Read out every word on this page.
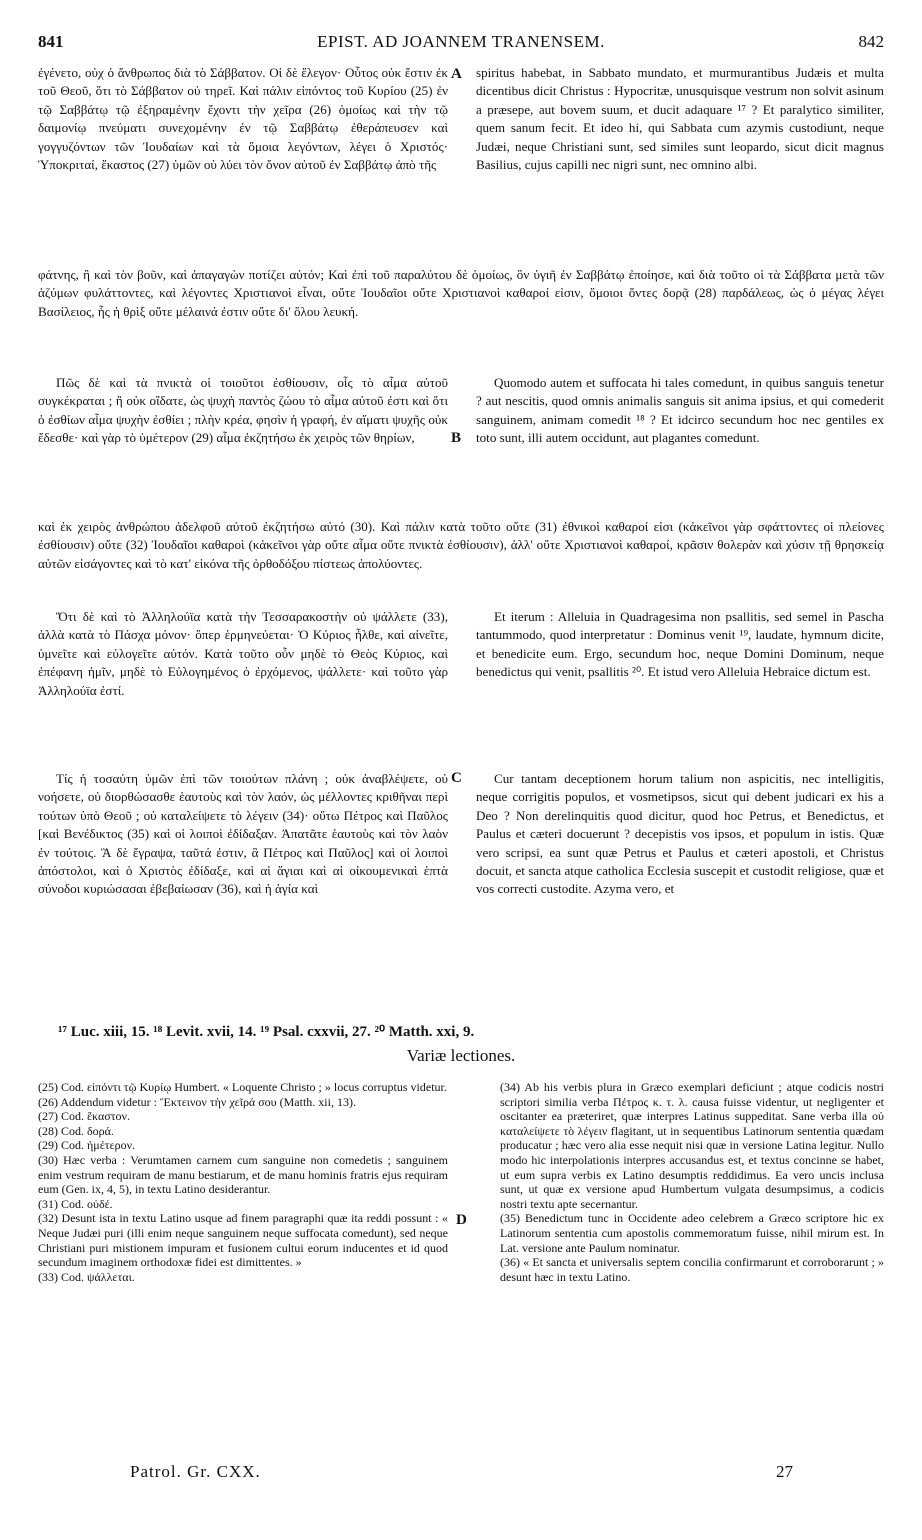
841	EPIST. AD JOANNEM TRANENSEM.	842

ἐγένετο, οὐχ ὁ ἄνθρωπος διὰ τὸ Σάββατον. Οἱ δὲ ἔλεγον· Οὗτος οὐκ ἔστιν ἐκ τοῦ Θεοῦ, ὅτι τὸ Σάββατον οὐ τηρεῖ. Καὶ πάλιν εἰπόντος τοῦ Κυρίου (25) ἐν τῷ Σαββάτῳ τῷ ἐξηραμένην ἔχοντι τὴν χεῖρα (26) ὁμοίως καὶ τὴν τῷ δαιμονίῳ πνεύματι συνεχομένην ἐν τῷ Σαββάτῳ ἐθεράπευσεν καὶ γογγυζόντων τῶν Ἰουδαίων καὶ τὰ ὅμοια λεγόντων, λέγει ὁ Χριστός· Ὑποκριταί, ἕκαστος (27) ὑμῶν οὐ λύει τὸν ὄνον αὐτοῦ ἐν Σαββάτῳ ἀπὸ τῆς

A spiritus habebat, in Sabbato mundato, et murmurantibus Judæis et multa dicentibus dicit Christus : Hypocritæ, unusquisque vestrum non solvit asinum a præsepe, aut bovem suum, et ducit adaquare ¹⁷ ? Et paralytico similiter, quem sanum fecit. Et ideo hi, qui Sabbata cum azymis custodiunt, neque Judæi, neque Christiani sunt, sed similes sunt leopardo, sicut dicit magnus Basilius, cujus capilli nec nigri sunt, nec omnino albi.

φάτνης, ἢ καὶ τὸν βοῦν, καὶ ἀπαγαγὼν ποτίζει αὐτόν; Καὶ ἐπὶ τοῦ παραλύτου δὲ ὁμοίως, ὃν ὑγιῆ ἐν Σαββάτῳ ἐποίησε, καὶ διὰ τοῦτο οἱ τὰ Σάββατα μετὰ τῶν ἀζύμων φυλάττοντες, καὶ λέγοντες Χριστιανοὶ εἶναι, οὔτε Ἰουδαῖοι οὔτε Χριστιανοὶ καθαροί εἰσιν, ὅμοιοι ὄντες δορᾷ (28) παρδάλεως, ὡς ὁ μέγας λέγει Βασίλειος, ἧς ἡ θρὶξ οὔτε μέλαινά ἐστιν οὔτε δι' ὅλου λευκή.

Πῶς δὲ καὶ τὰ πνικτὰ οἱ τοιοῦτοι ἐσθίουσιν, οἷς τὸ αἷμα αὐτοῦ συγκέκραται ; ἢ οὐκ οἴδατε, ὡς ψυχὴ παντὸς ζώου τὸ αἷμα αὐτοῦ ἐστι καὶ ὅτι ὁ ἐσθίων αἷμα ψυχὴν ἐσθίει ; πλὴν κρέα, φησὶν ἡ γραφή, ἐν αἵματι ψυχῆς οὐκ ἔδεσθε· καὶ γὰρ τὸ ὑμέτερον (29) αἷμα ἐκζητήσω ἐκ χειρὸς τῶν θηρίων,	B

Quomodo autem et suffocata hi tales comedunt, in quibus sanguis tenetur ? aut nescitis, quod omnis animalis sanguis sit anima ipsius, et qui comederit sanguinem, animam comedit ¹⁸ ? Et idcirco secundum hoc nec gentiles ex toto sunt, illi autem occidunt, aut plagantes comedunt.

καὶ ἐκ χειρὸς ἀνθρώπου ἀδελφοῦ αὐτοῦ ἐκζητήσω αὐτό (30). Καὶ πάλιν κατὰ τοῦτο οὔτε (31) ἐθνικοὶ καθαροί εἰσι (κἀκεῖνοι γὰρ σφάττοντες οἱ πλείονες ἐσθίουσιν) οὔτε (32) Ἰουδαῖοι καθαροὶ (κἀκεῖνοι γὰρ οὔτε αἷμα οὔτε πνικτὰ ἐσθίουσιν), ἀλλ' οὔτε Χριστιανοὶ καθαροί, κρᾶσιν θολερὰν καὶ χύσιν τῇ θρησκείᾳ αὐτῶν εἰσάγοντες καὶ τὸ κατ' εἰκόνα τῆς ὀρθοδόξου πίστεως ἀπολύοντες.

Ὅτι δὲ καὶ τὸ Ἀλληλούϊα κατὰ τὴν Τεσσαρακοστὴν οὐ ψάλλετε (33), ἀλλὰ κατὰ τὸ Πάσχα μόνον· ὅπερ ἑρμηνεύεται· Ὁ Κύριος ἦλθε, καὶ αἰνεῖτε, ὑμνεῖτε καὶ εὐλογεῖτε αὐτόν. Κατὰ τοῦτο οὖν μηδὲ τὸ Θεὸς Κύριος, καὶ ἐπέφανη ἡμῖν, μηδὲ τὸ Εὐλογημένος ὁ ἐρχόμενος, ψάλλετε· καὶ τοῦτο γὰρ Ἀλληλούϊα ἐστί.

Et iterum : Alleluia in Quadragesima non psallitis, sed semel in Pascha tantummodo, quod interpretatur : Dominus venit ¹⁹, laudate, hymnum dicite, et benedicite eum. Ergo, secundum hoc, neque Domini Dominum, neque benedictus qui venit, psallitis ²⁰. Et istud vero Alleluia Hebraice dictum est.

Τίς ἡ τοσαύτη ὑμῶν ἐπὶ τῶν τοιούτων πλάνη ; οὐκ ἀναβλέψετε, οὐ νοήσετε, οὐ διορθώσασθε ἑαυτοὺς καὶ τὸν λαόν, ὡς μέλλοντες κριθῆναι περὶ τούτων ὑπὸ Θεοῦ ; οὐ καταλείψετε τὸ λέγειν (34)· οὕτω Πέτρος καὶ Παῦλος [καὶ Βενέδικτος (35) καὶ οἱ λοιποὶ ἐδίδαξαν. Ἀπατᾶτε ἑαυτοὺς καὶ τὸν λαὸν ἐν τούτοις. Ἃ δὲ ἔγραψα, ταῦτά ἐστιν, ἃ Πέτρος καὶ Παῦλος] καὶ οἱ λοιποὶ ἀπόστολοι, καὶ ὁ Χριστὸς ἐδίδαξε, καὶ αἱ ἅγιαι καὶ αἱ οἰκουμενικαὶ ἑπτὰ σύνοδοι κυριώσασαι ἐβεβαίωσαν (36), καὶ ἡ ἁγία καὶ

C	Cur tantam deceptionem horum talium non aspicitis, nec intelligitis, neque corrigitis populos, et vosmetipsos, sicut qui debent judicari ex his a Deo ? Non derelinquitis quod dicitur, quod hoc Petrus, et Benedictus, et Paulus et cæteri docuerunt ? decepistis vos ipsos, et populum in istis. Quæ vero scripsi, ea sunt quæ Petrus et Paulus et cæteri apostoli, et Christus docuit, et sancta atque catholica Ecclesia suscepit et custodit religiose, quæ et vos correcti custodite. Azyma vero, et

¹⁷ Luc. xiii, 15. ¹⁸ Levit. xvii, 14. ¹⁹ Psal. cxxvii, 27. ²⁰ Matth. xxi, 9.
Variæ lectiones.

(25) Cod. εἰπόντι τῷ Κυρίῳ Humbert. « Loquente Christo ; » locus corruptus videtur.

(26) Addendum videtur : Ἔκτεινον τὴν χεῖρά σου (Matth. xii, 13).

(27) Cod. ἕκαστον.

(28) Cod. δορά.

(29) Cod. ἡμέτερον.

(30) Hæc verba : Verumtamen carnem cum sanguine non comedetis ; sanguinem enim vestrum requiram de manu bestiarum, et de manu hominis fratris ejus requiram eum (Gen. ix, 4, 5), in textu Latino desiderantur.

(31) Cod. οὐδέ.

(32) Desunt ista in textu Latino usque ad finem paragraphi quæ ita reddi possunt : « Neque Judæi puri (illi enim neque sanguinem neque suffocata comedunt), sed neque Christiani puri mistionem impuram et fusionem cultui eorum inducentes et id quod secundum imaginem orthodoxæ fidei est dimittentes. »

(33) Cod. ψάλλεται.

D

(34) Ab his verbis plura in Græco exemplari deficiunt ; atque codicis nostri scriptori similia verba Πέτρος κ. τ. λ. causa fuisse videntur, ut negligenter et oscitanter ea præteriret, quæ interpres Latinus suppeditat. Sane verba illa οὐ καταλείψετε τὸ λέγειν flagitant, ut in sequentibus Latinorum sententia quædam producatur ; hæc vero alia esse nequit nisi quæ in versione Latina legitur. Nullo modo hic interpolationis interpres accusandus est, et textus concinne se habet, ut eum supra verbis ex Latino desumptis reddidimus. Ea vero uncis inclusa sunt, ut quæ ex versione apud Humbertum vulgata desumpsimus, a codicis nostri textu apte secernantur.

(35) Benedictum tunc in Occidente adeo celebrem a Græco scriptore hic ex Latinorum sententia cum apostolis commemoratum fuisse, nihil mirum est. In Lat. versione ante Paulum nominatur.

(36) « Et sancta et universalis septem concilia confirmarunt et corroborarunt ; » desunt hæc in textu Latino.

Patrol. Gr. CXX.	27
